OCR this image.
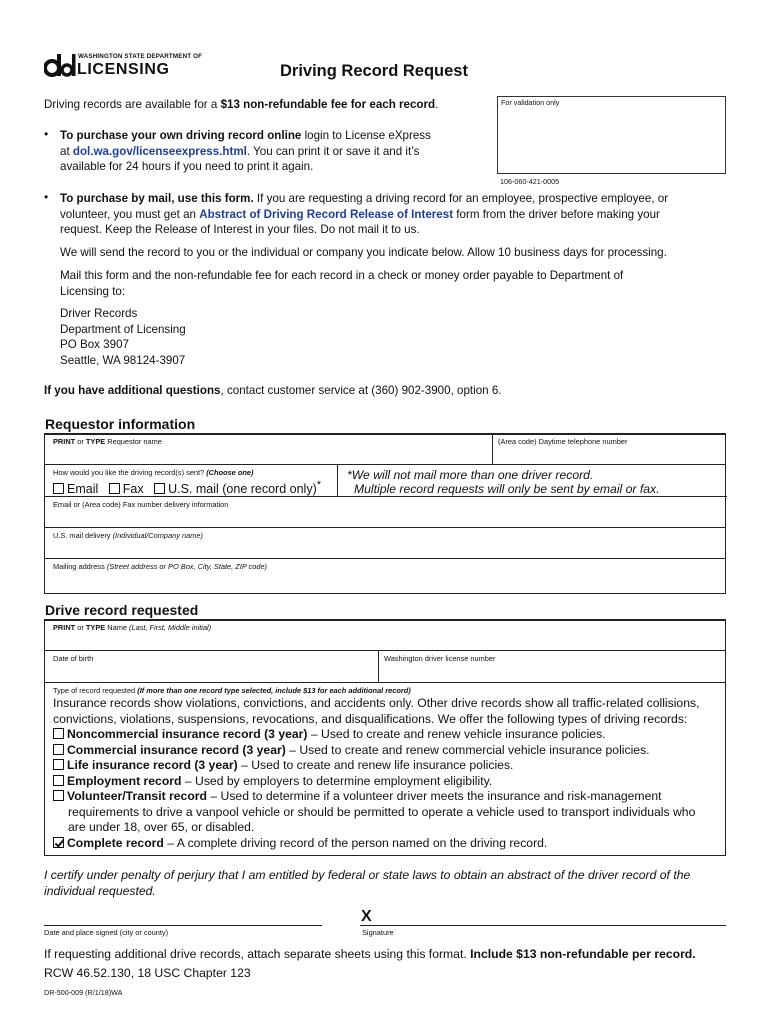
WASHINGTON STATE DEPARTMENT OF
LICENSING	Driving Record Request
For validation only
106-060-421-0005
Driving records are available for a $13 non-refundable fee for each record.
• To purchase your own driving record online login to License eXpress
at dol.wa.gov/licenseexpress.html. You can print it or save it and it’s
available for 24 hours if you need to print it again.
• To purchase by mail, use this form. If you are requesting a driving record for an employee, prospective employee, or
volunteer, you must get an Abstract of Driving Record Release of Interest form from the driver before making your
request. Keep the Release of Interest in your files. Do not mail it to us.
We will send the record to you or the individual or company you indicate below. Allow 10 business days for processing.
Mail this form and the non-refundable fee for each record in a check or money order payable to Department of
Licensing to:
Driver Records
Department of Licensing
PO Box 3907
Seattle, WA 98124-3907
If you have additional questions, contact customer service at (360) 902-3900, option 6.
Requestor information
PRINT or TYPE Requestor name	(Area code) Daytime telephone number
How would you like the driving record(s) sent? (Choose one)
Email Fax U.S. mail (one record only)*
*We will not mail more than one driver record.
Multiple record requests will only be sent by email or fax.
Email or (Area code) Fax number delivery information
U.S. mail delivery (Individual/Company name)
Mailing address (Street address or PO Box, City, State, ZIP code)
Drive record requested
PRINT or TYPE Name (Last, First, Middle initial)
Date of birth	Washington driver license number
Type of record requested (If more than one record type selected, include $13 for each additional record)
Insurance records show violations, convictions, and accidents only. Other drive records show all traffic-related collisions,
convictions, violations, suspensions, revocations, and disqualifications. We offer the following types of driving records:
Noncommercial insurance record (3 year) – Used to create and renew vehicle insurance policies.
Commercial insurance record (3 year) – Used to create and renew commercial vehicle insurance policies.
Life insurance record (3 year) – Used to create and renew life insurance policies.
Employment record – Used by employers to determine employment eligibility.
Volunteer/Transit record – Used to determine if a volunteer driver meets the insurance and risk-management
requirements to drive a vanpool vehicle or should be permitted to operate a vehicle used to transport individuals who
are under 18, over 65, or disabled.
Complete record – A complete driving record of the person named on the driving record.
I certify under penalty of perjury that I am entitled by federal or state laws to obtain an abstract of the driver record of the
individual requested.
X
Date and place signed (city or county)	Signature
If requesting additional drive records, attach separate sheets using this format. Include $13 non-refundable per record.
RCW 46.52.130, 18 USC Chapter 123
DR-500-009 (R/1/18)WA
